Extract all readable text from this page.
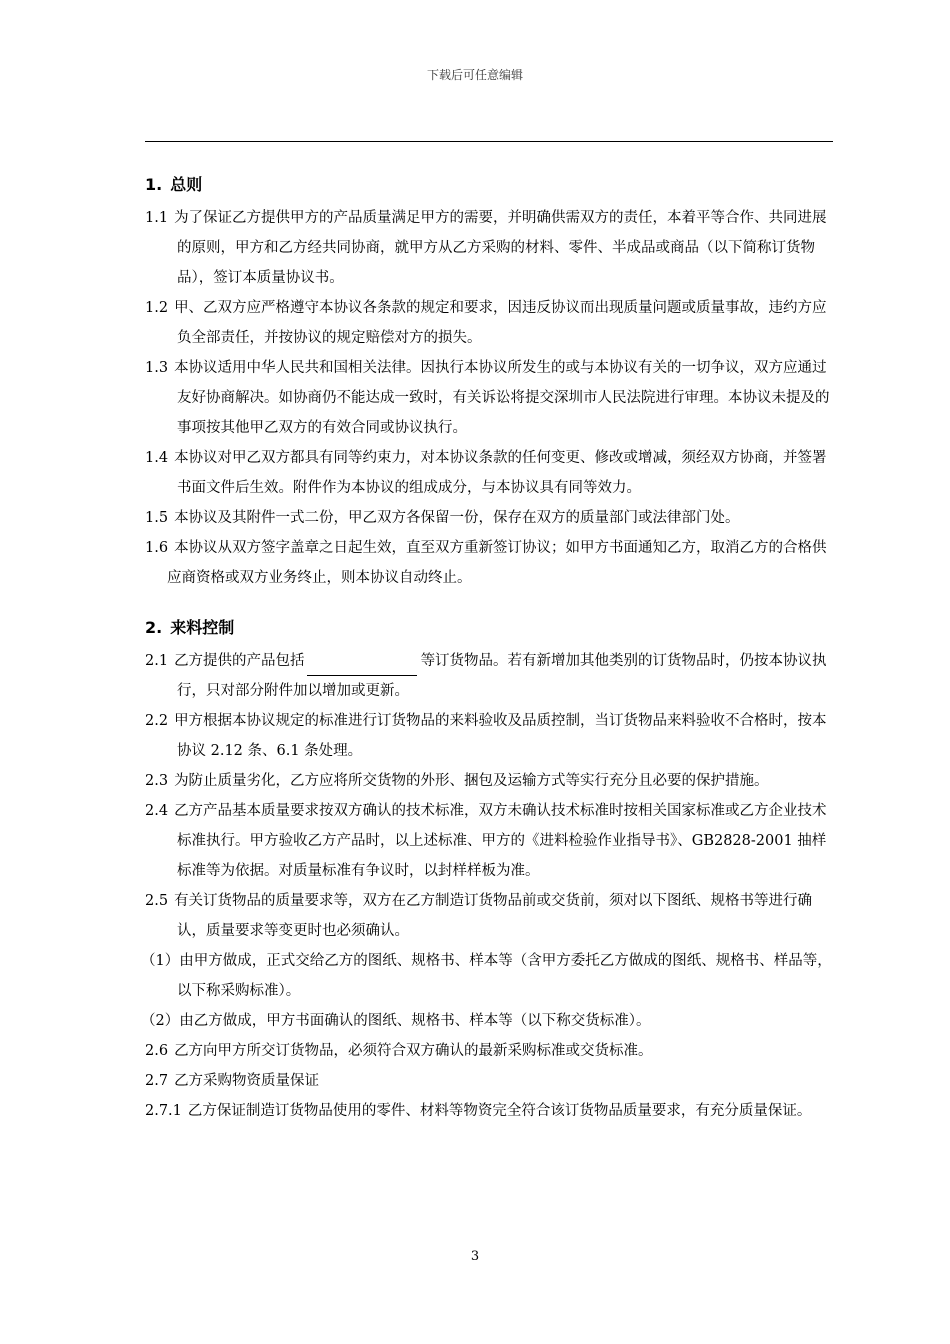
下载后可任意编辑
1. 总则

1.1 为了保证乙方提供甲方的产品质量满足甲方的需要，并明确供需双方的责任，本着平等合作、共同进展的原则，甲方和乙方经共同协商，就甲方从乙方采购的材料、零件、半成品或商品（以下简称订货物品），签订本质量协议书。

1.2 甲、乙双方应严格遵守本协议各条款的规定和要求，因违反协议而出现质量问题或质量事故，违约方应负全部责任，并按协议的规定赔偿对方的损失。

1.3 本协议适用中华人民共和国相关法律。因执行本协议所发生的或与本协议有关的一切争议，双方应通过友好协商解决。如协商仍不能达成一致时，有关诉讼将提交深圳市人民法院进行审理。本协议未提及的事项按其他甲乙双方的有效合同或协议执行。

1.4 本协议对甲乙双方都具有同等约束力，对本协议条款的任何变更、修改或增减，须经双方协商，并签署书面文件后生效。附件作为本协议的组成成分，与本协议具有同等效力。

1.5 本协议及其附件一式二份，甲乙双方各保留一份，保存在双方的质量部门或法律部门处。

1.6 本协议从双方签字盖章之日起生效，直至双方重新签订协议；如甲方书面通知乙方，取消乙方的合格供应商资格或双方业务终止，则本协议自动终止。

2. 来料控制

2.1 乙方提供的产品包括	等订货物品。若有新增加其他类别的订货物品时，仍按本协议执行，只对部分附件加以增加或更新。

2.2 甲方根据本协议规定的标准进行订货物品的来料验收及品质控制，当订货物品来料验收不合格时，按本协议 2.12 条、6.1 条处理。

2.3 为防止质量劣化，乙方应将所交货物的外形、捆包及运输方式等实行充分且必要的保护措施。

2.4 乙方产品基本质量要求按双方确认的技术标准，双方未确认技术标准时按相关国家标准或乙方企业技术标准执行。甲方验收乙方产品时，以上述标准、甲方的《进料检验作业指导书》、GB2828-2001 抽样标准等为依据。对质量标准有争议时，以封样样板为准。

2.5 有关订货物品的质量要求等，双方在乙方制造订货物品前或交货前，须对以下图纸、规格书等进行确认，质量要求等变更时也必须确认。

（1）由甲方做成，正式交给乙方的图纸、规格书、样本等（含甲方委托乙方做成的图纸、规格书、样品等，以下称采购标准）。

（2）由乙方做成，甲方书面确认的图纸、规格书、样本等（以下称交货标准）。

2.6 乙方向甲方所交订货物品，必须符合双方确认的最新采购标准或交货标准。

2.7 乙方采购物资质量保证

2.7.1 乙方保证制造订货物品使用的零件、材料等物资完全符合该订货物品质量要求，有充分质量保证。

3
